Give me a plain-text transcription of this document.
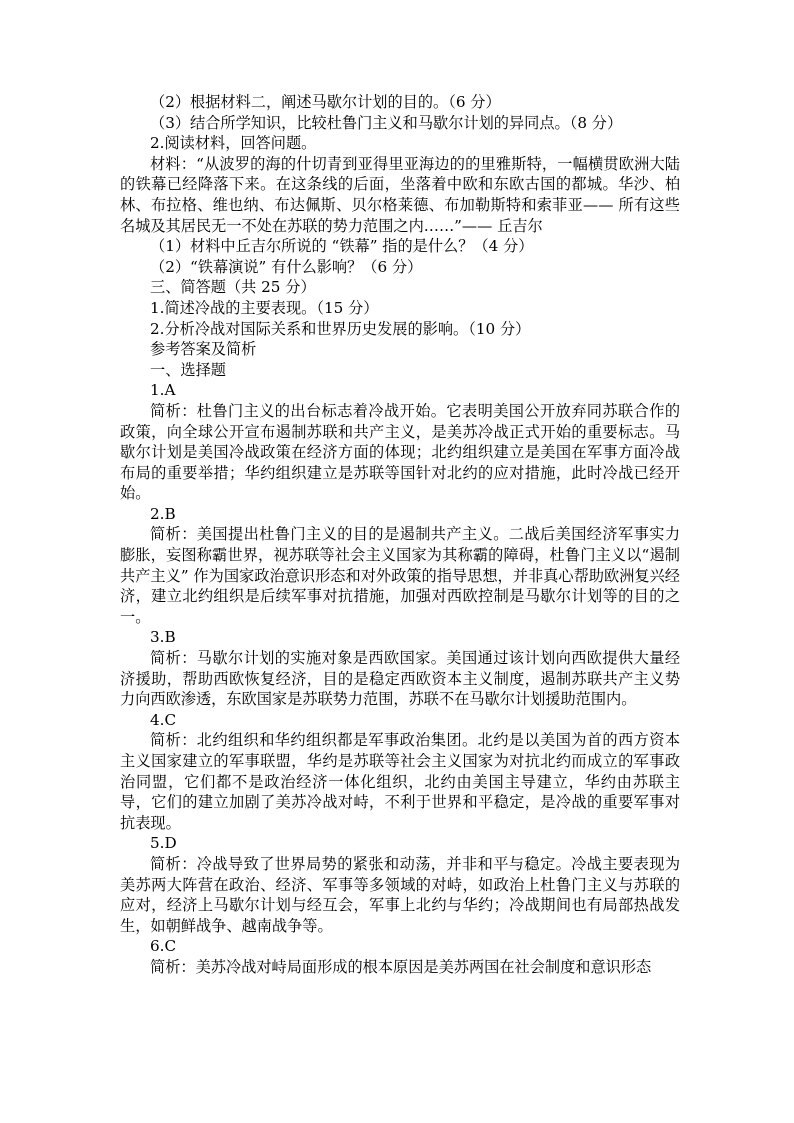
（2）根据材料二，阐述马歇尔计划的目的。（6 分）

（3）结合所学知识，比较杜鲁门主义和马歇尔计划的异同点。（8 分）

2.阅读材料，回答问题。

材料：“从波罗的海的什切青到亚得里亚海边的的里雅斯特，一幅横贯欧洲大陆的铁幕已经降落下来。在这条线的后面，坐落着中欧和东欧古国的都城。华沙、柏林、布拉格、维也纳、布达佩斯、贝尔格莱德、布加勒斯特和索菲亚—— 所有这些名城及其居民无一不处在苏联的势力范围之内……”—— 丘吉尔

（1）材料中丘吉尔所说的 “铁幕” 指的是什么？（4 分）

（2）“铁幕演说” 有什么影响？（6 分）

三、简答题（共 25 分）

1.简述冷战的主要表现。（15 分）

2.分析冷战对国际关系和世界历史发展的影响。（10 分）

参考答案及简析

一、选择题

1.A

简析：杜鲁门主义的出台标志着冷战开始。它表明美国公开放弃同苏联合作的政策，向全球公开宣布遏制苏联和共产主义，是美苏冷战正式开始的重要标志。马歇尔计划是美国冷战政策在经济方面的体现；北约组织建立是美国在军事方面冷战布局的重要举措；华约组织建立是苏联等国针对北约的应对措施，此时冷战已经开始。

2.B

简析：美国提出杜鲁门主义的目的是遏制共产主义。二战后美国经济军事实力膨胀，妄图称霸世界，视苏联等社会主义国家为其称霸的障碍，杜鲁门主义以“遏制共产主义” 作为国家政治意识形态和对外政策的指导思想，并非真心帮助欧洲复兴经济，建立北约组织是后续军事对抗措施，加强对西欧控制是马歇尔计划等的目的之一。

3.B

简析：马歇尔计划的实施对象是西欧国家。美国通过该计划向西欧提供大量经济援助，帮助西欧恢复经济，目的是稳定西欧资本主义制度，遏制苏联共产主义势力向西欧渗透，东欧国家是苏联势力范围，苏联不在马歇尔计划援助范围内。

4.C

简析：北约组织和华约组织都是军事政治集团。北约是以美国为首的西方资本主义国家建立的军事联盟，华约是苏联等社会主义国家为对抗北约而成立的军事政治同盟，它们都不是政治经济一体化组织，北约由美国主导建立，华约由苏联主导，它们的建立加剧了美苏冷战对峙，不利于世界和平稳定，是冷战的重要军事对抗表现。

5.D

简析：冷战导致了世界局势的紧张和动荡，并非和平与稳定。冷战主要表现为美苏两大阵营在政治、经济、军事等多领域的对峙，如政治上杜鲁门主义与苏联的应对，经济上马歇尔计划与经互会，军事上北约与华约；冷战期间也有局部热战发生，如朝鲜战争、越南战争等。

6.C

简析：美苏冷战对峙局面形成的根本原因是美苏两国在社会制度和意识形态
